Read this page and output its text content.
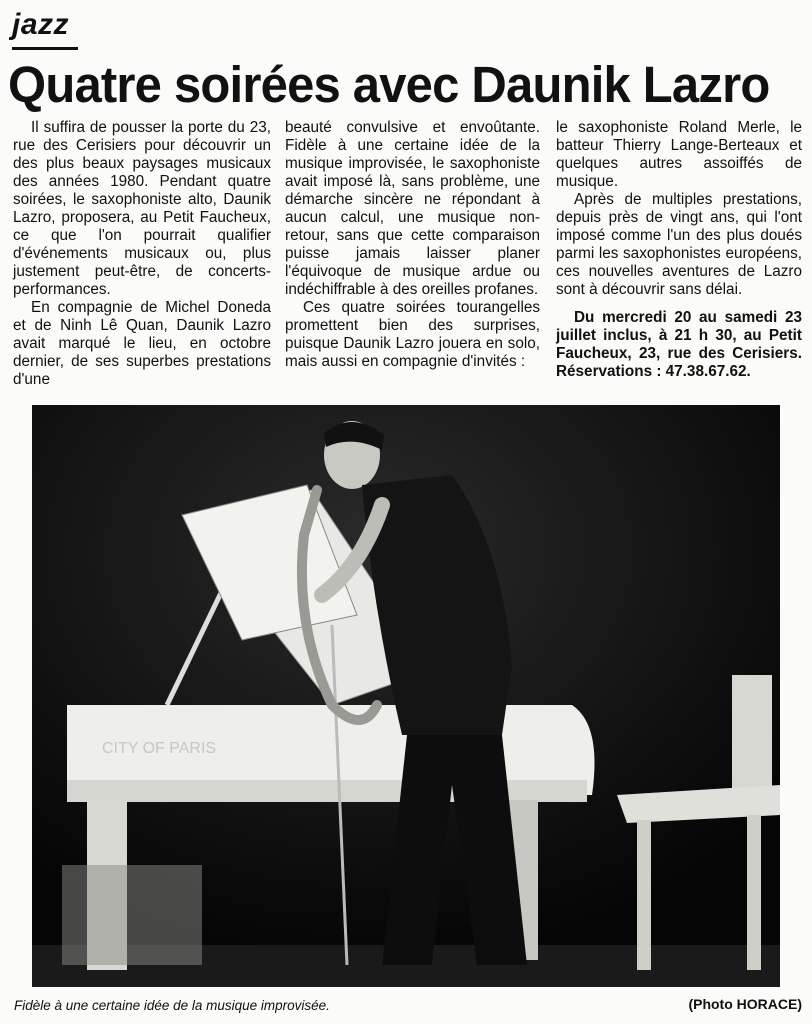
jazz
Quatre soirées avec Daunik Lazro

Il suffira de pousser la porte du 23, rue des Cerisiers pour découvrir un des plus beaux paysages musicaux des années 1980. Pendant quatre soirées, le saxophoniste alto, Daunik Lazro, proposera, au Petit Faucheux, ce que l'on pourrait qualifier d'événements musicaux ou, plus justement peut-être, de concerts-performances.

En compagnie de Michel Doneda et de Ninh Lê Quan, Daunik Lazro avait marqué le lieu, en octobre dernier, de ses superbes prestations d'une

beauté convulsive et envoûtante. Fidèle à une certaine idée de la musique improvisée, le saxophoniste avait imposé là, sans problème, une démarche sincère ne répondant à aucun calcul, une musique non-retour, sans que cette comparaison puisse jamais laisser planer l'équivoque de musique ardue ou indéchiffrable à des oreilles profanes.

Ces quatre soirées tourangelles promettent bien des surprises, puisque Daunik Lazro jouera en solo, mais aussi en compagnie d'invités :

le saxophoniste Roland Merle, le batteur Thierry Lange-Berteaux et quelques autres assoiffés de musique.

Après de multiples prestations, depuis près de vingt ans, qui l'ont imposé comme l'un des plus doués parmi les saxophonistes européens, ces nouvelles aventures de Lazro sont à découvrir sans délai.

Du mercredi 20 au samedi 23 juillet inclus, à 21 h 30, au Petit Faucheux, 23, rue des Cerisiers. Réservations : 47.38.67.62.

CITY OF PARIS
Fidèle à une certaine idée de la musique improvisée.	(Photo HORACE)
